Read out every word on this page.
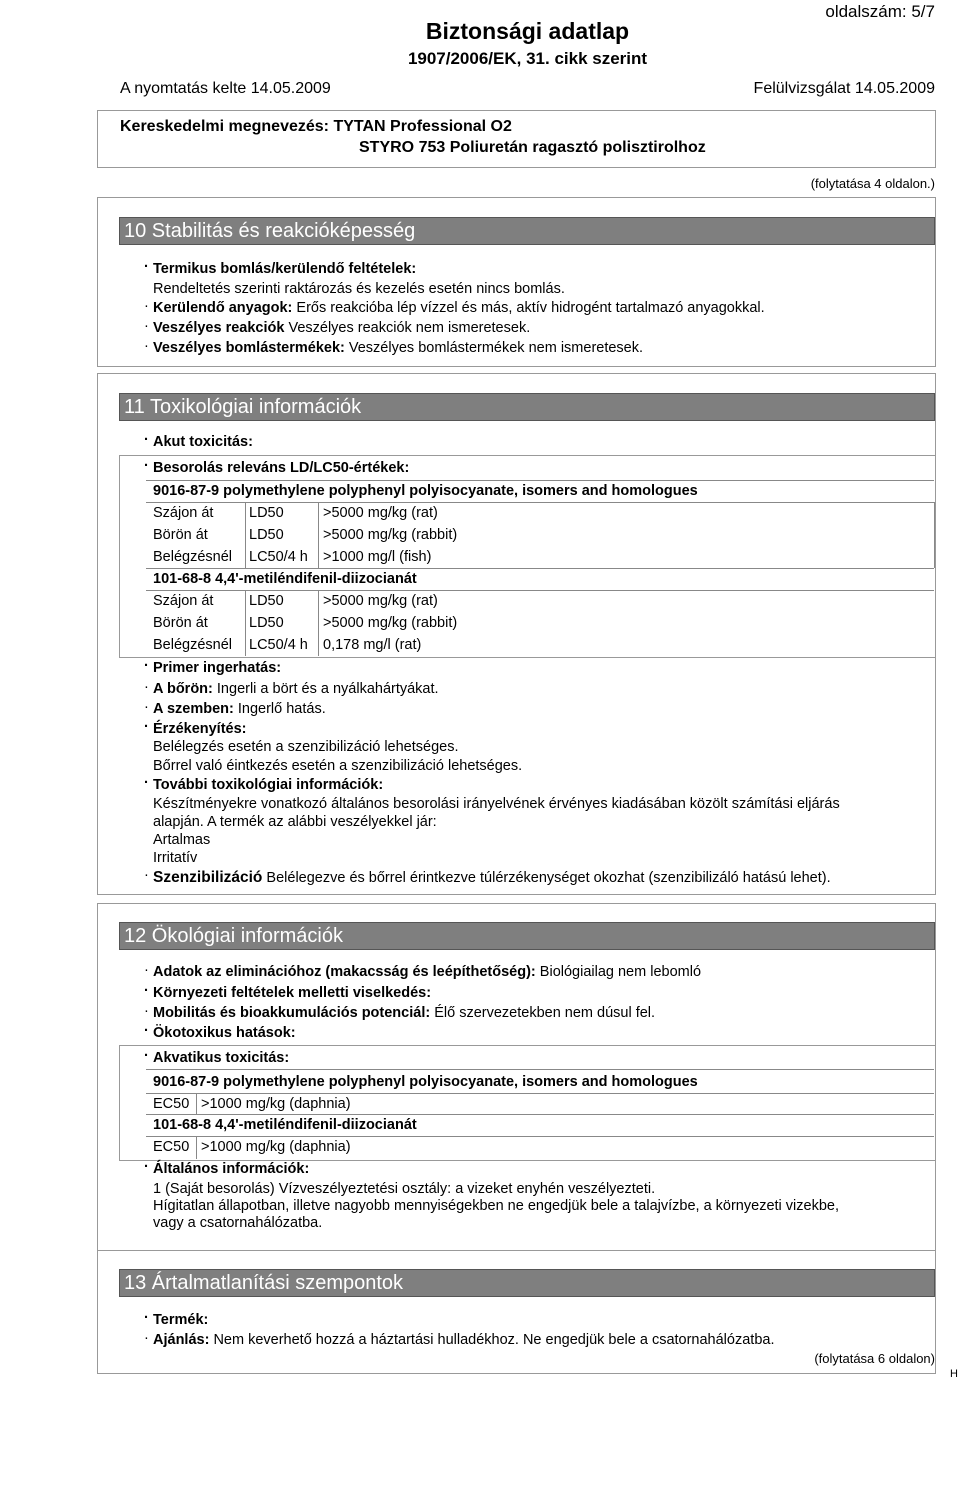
oldalszám: 5/7
Biztonsági adatlap
1907/2006/EK, 31. cikk szerint
A nyomtatás kelte 14.05.2009	Felülvizsgálat 14.05.2009
Kereskedelmi megnevezés: TYTAN Professional O2
STYRO 753 Poliuretán ragasztó polisztirolhoz
(folytatása 4 oldalon.)
10 Stabilitás és reakcióképesség
· Termikus bomlás/kerülendő feltételek:
Rendeltetés szerinti raktározás és kezelés esetén nincs bomlás.
· Kerülendő anyagok: Erős reakcióba lép vízzel és más, aktív hidrogént tartalmazó anyagokkal.
· Veszélyes reakciók Veszélyes reakciók nem ismeretesek.
· Veszélyes bomlástermékek: Veszélyes bomlástermékek nem ismeretesek.
11 Toxikológiai információk
· Akut toxicitás:
· Besorolás releváns LD/LC50-értékek:
9016-87-9 polymethylene polyphenyl polyisocyanate, isomers and homologues
Szájon át LD50	>5000 mg/kg (rat)
Börön át	LD50	>5000 mg/kg (rabbit)
Belégzésnél LC50/4 h >1000 mg/l (fish)
101-68-8 4,4'-metiléndifenil-diizocianát
Szájon át LD50	>5000 mg/kg (rat)
Börön át	LD50	>5000 mg/kg (rabbit)
Belégzésnél LC50/4 h 0,178 mg/l (rat)
· Primer ingerhatás:
· A bőrön: Ingerli a bört és a nyálkahártyákat.
· A szemben: Ingerlő hatás.
· Érzékenyítés:
Belélegzés esetén a szenzibilizáció lehetséges.
Bőrrel való éintkezés esetén a szenzibilizáció lehetséges.
· További toxikológiai információk:
Készítményekre vonatkozó általános besorolási irányelvének érvényes kiadásában közölt számítási eljárás
alapján. A termék az alábbi veszélyekkel jár:
Artalmas
Irritatív
· Szenzibilizáció Belélegezve és bőrrel érintkezve túlérzékenységet okozhat (szenzibilizáló hatású lehet).
12 Ökológiai információk
· Adatok az eliminációhoz (makacsság és leépíthetőség): Biológiailag nem lebomló
· Környezeti feltételek melletti viselkedés:
· Mobilitás és bioakkumulációs potenciál: Élő szervezetekben nem dúsul fel.
· Ökotoxikus hatások:
· Akvatikus toxicitás:
9016-87-9 polymethylene polyphenyl polyisocyanate, isomers and homologues
EC50 >1000 mg/kg (daphnia)
101-68-8 4,4'-metiléndifenil-diizocianát
EC50 >1000 mg/kg (daphnia)
· Általános információk:
1 (Saját besorolás) Vízveszélyeztetési osztály: a vizeket enyhén veszélyezteti.
Hígitatlan állapotban, illetve nagyobb mennyiségekben ne engedjük bele a talajvízbe, a környezeti vizekbe,
vagy a csatornahálózatba.
13 Ártalmatlanítási szempontok
· Termék:
· Ajánlás: Nem keverhető hozzá a háztartási hulladékhoz. Ne engedjük bele a csatornahálózatba.
(folytatása 6 oldalon)
H
